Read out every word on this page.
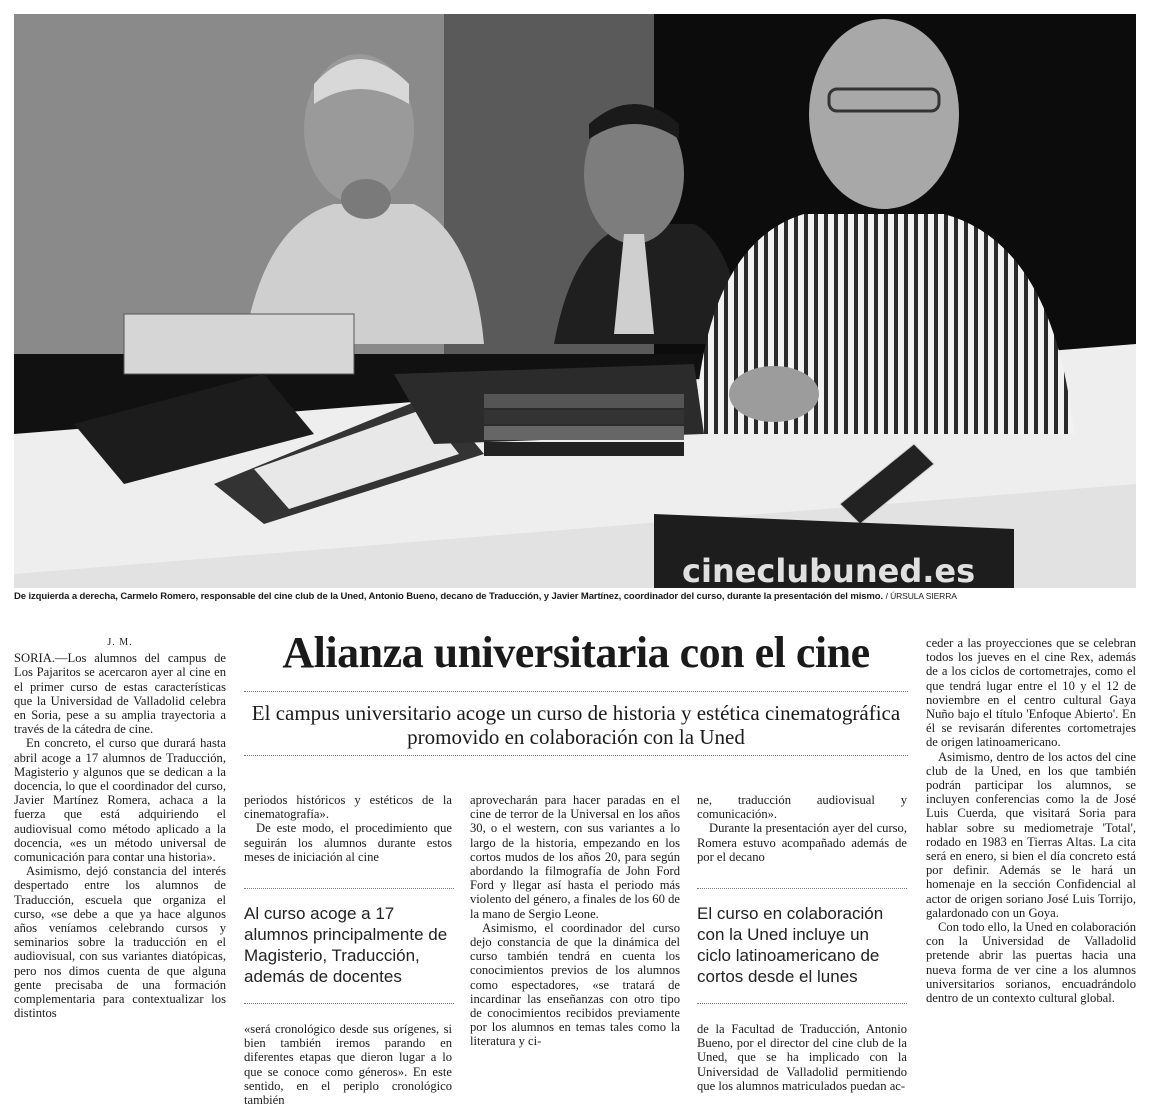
cineclubuned.es
De izquierda a derecha, Carmelo Romero, responsable del cine club de la Uned, Antonio Bueno, decano de Traducción, y Javier Martínez, coordinador del curso, durante la presentación del mismo. / ÚRSULA SIERRA
Alianza universitaria con el cine
El campus universitario acoge un curso de historia y estética cinematográfica promovido en colaboración con la Uned
J. M.

SORIA.—Los alumnos del campus de Los Pajaritos se acercaron ayer al cine en el primer curso de estas características que la Universidad de Valladolid celebra en Soria, pese a su amplia trayectoria a través de la cátedra de cine.

En concreto, el curso que durará hasta abril acoge a 17 alumnos de Traducción, Magisterio y algunos que se dedican a la docencia, lo que el coordinador del curso, Javier Martínez Romera, achaca a la fuerza que está adquiriendo el audiovisual como método aplicado a la docencia, «es un método universal de comunicación para contar una historia».

Asimismo, dejó constancia del interés despertado entre los alumnos de Traducción, escuela que organiza el curso, «se debe a que ya hace algunos años veníamos celebrando cursos y seminarios sobre la traducción en el audiovisual, con sus variantes diatópicas, pero nos dimos cuenta de que alguna gente precisaba de una formación complementaria para contextualizar los distintos

periodos históricos y estéticos de la cinematografía».

De este modo, el procedimiento que seguirán los alumnos durante estos meses de iniciación al cine

Al curso acoge a 17 alumnos principalmente de Magisterio, Traducción, además de docentes

«será cronológico desde sus orígenes, si bien también iremos parando en diferentes etapas que dieron lugar a lo que se conoce como géneros». En este sentido, en el periplo cronológico también

aprovecharán para hacer paradas en el cine de terror de la Universal en los años 30, o el western, con sus variantes a lo largo de la historia, empezando en los cortos mudos de los años 20, para según abordando la filmografía de John Ford Ford y llegar así hasta el periodo más violento del género, a finales de los 60 de la mano de Sergio Leone.

Asimismo, el coordinador del curso dejo constancia de que la dinámica del curso también tendrá en cuenta los conocimientos previos de los alumnos como espectadores, «se tratará de incardinar las enseñanzas con otro tipo de conocimientos recibidos previamente por los alumnos en temas tales como la literatura y ci-

ne, traducción audiovisual y comunicación».

Durante la presentación ayer del curso, Romera estuvo acompañado además de por el decano

El curso en colaboración con la Uned incluye un ciclo latinoamericano de cortos desde el lunes

de la Facultad de Traducción, Antonio Bueno, por el director del cine club de la Uned, que se ha implicado con la Universidad de Valladolid permitiendo que los alumnos matriculados puedan ac-

ceder a las proyecciones que se celebran todos los jueves en el cine Rex, además de a los ciclos de cortometrajes, como el que tendrá lugar entre el 10 y el 12 de noviembre en el centro cultural Gaya Nuño bajo el título 'Enfoque Abierto'. En él se revisarán diferentes cortometrajes de origen latinoamericano.

Asimismo, dentro de los actos del cine club de la Uned, en los que también podrán participar los alumnos, se incluyen conferencias como la de José Luis Cuerda, que visitará Soria para hablar sobre su mediometraje 'Total', rodado en 1983 en Tierras Altas. La cita será en enero, si bien el día concreto está por definir. Además se le hará un homenaje en la sección Confidencial al actor de origen soriano José Luis Torrijo, galardonado con un Goya.

Con todo ello, la Uned en colaboración con la Universidad de Valladolid pretende abrir las puertas hacia una nueva forma de ver cine a los alumnos universitarios sorianos, encuadrándolo dentro de un contexto cultural global.
